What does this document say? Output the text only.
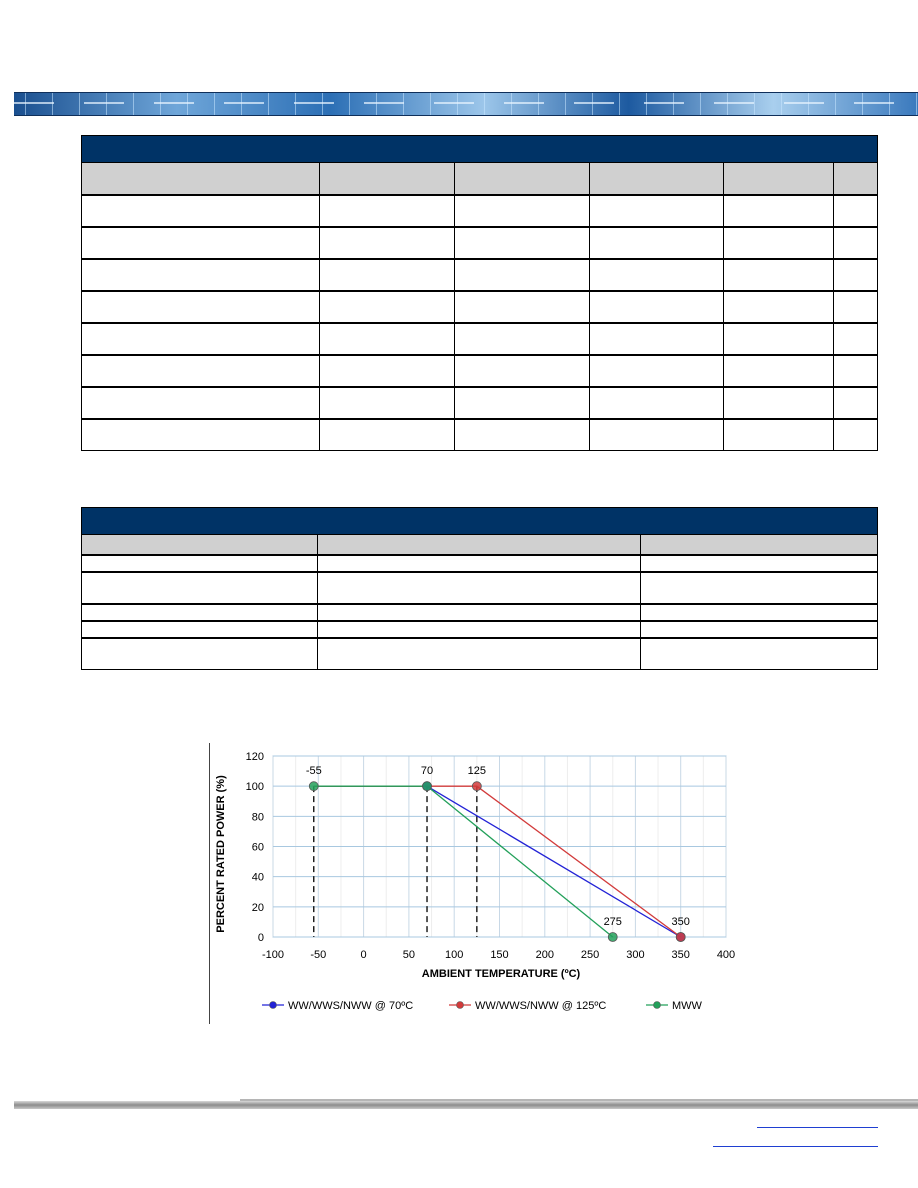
-100 -50	0	50	100 150 200 250 300 350 400
0
20
40
60
80
100
120
-55	70	125
275	350
AMBIENT TEMPERATURE (ºC)
PERCENT RATED POWER (%)
WW/WWS/NWW @ 70ºC	WW/WWS/NWW @ 125ºC	MWW
